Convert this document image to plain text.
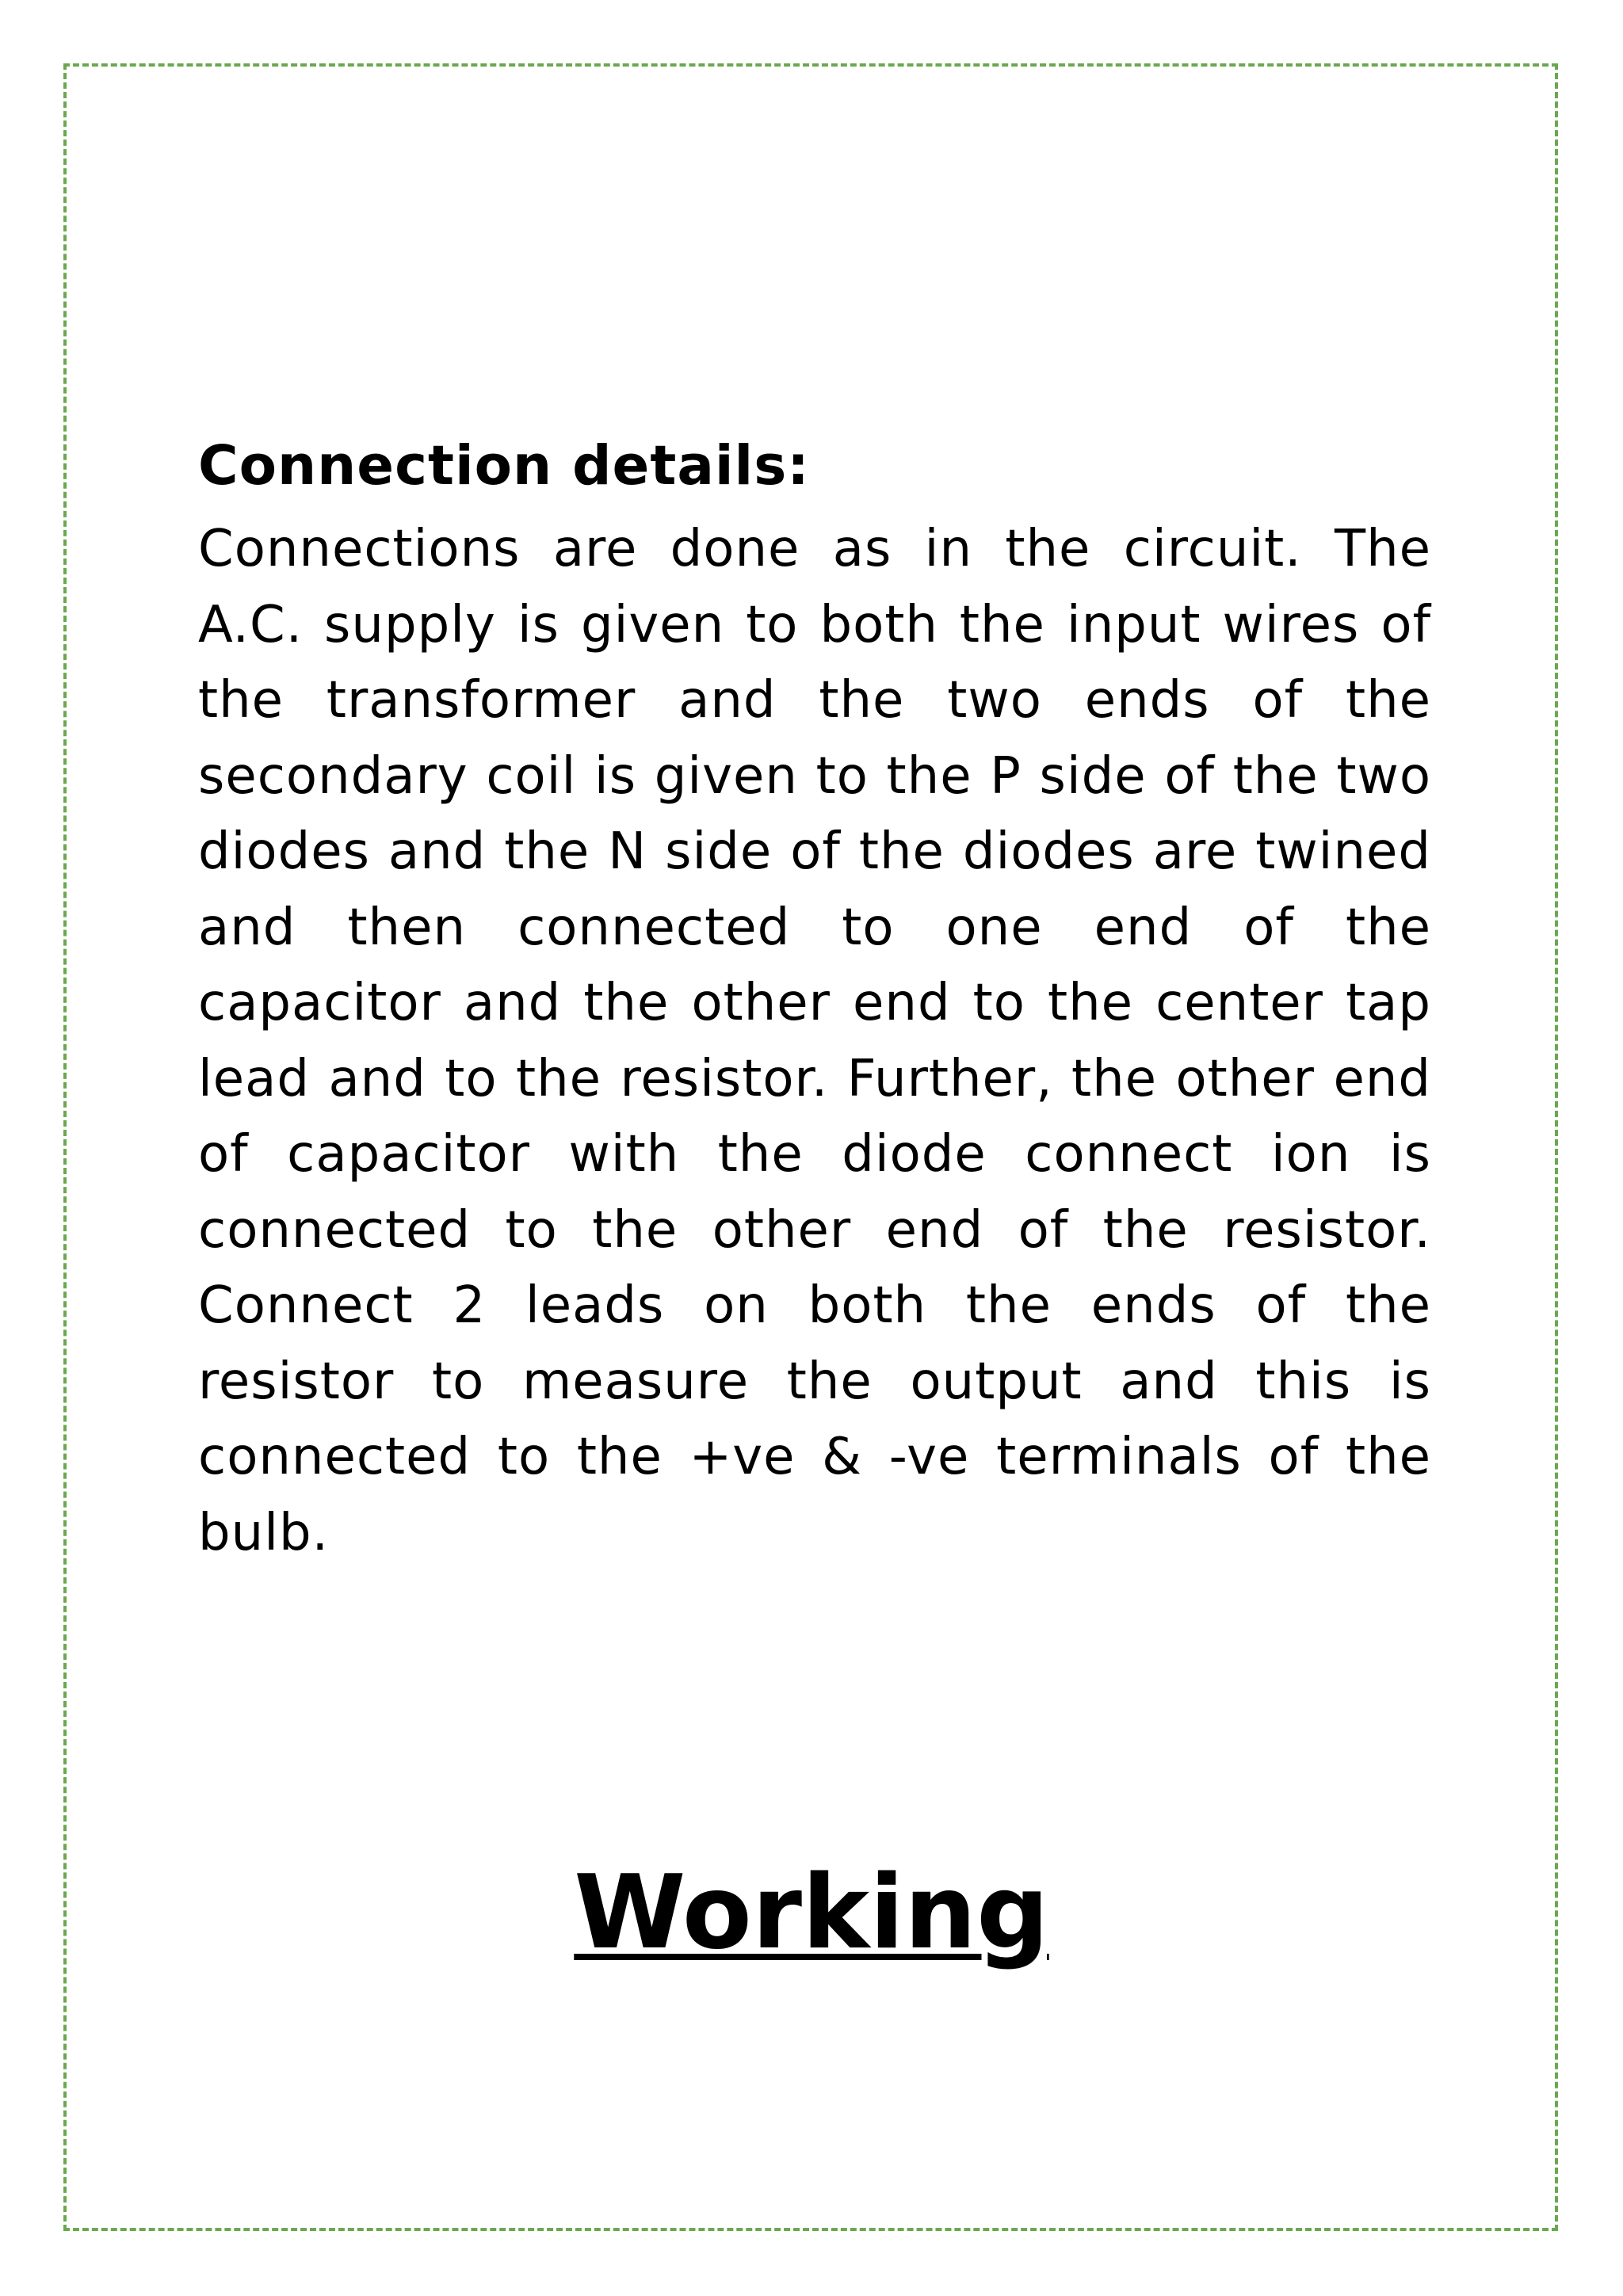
Connection details:

Connections are done as in the circuit. The A.C. supply is given to both the input wires of the transformer and the two ends of the secondary coil is given to the P side of the two diodes and the N side of the diodes are twined and then connected to one end of the capacitor and the other end to the center tap lead and to the resistor. Further, the other end of capacitor with the diode connect ion is connected to the other end of the resistor. Connect 2 leads on both the ends of the resistor to measure the output and this is connected to the +ve & -ve terminals of the bulb.

Working
